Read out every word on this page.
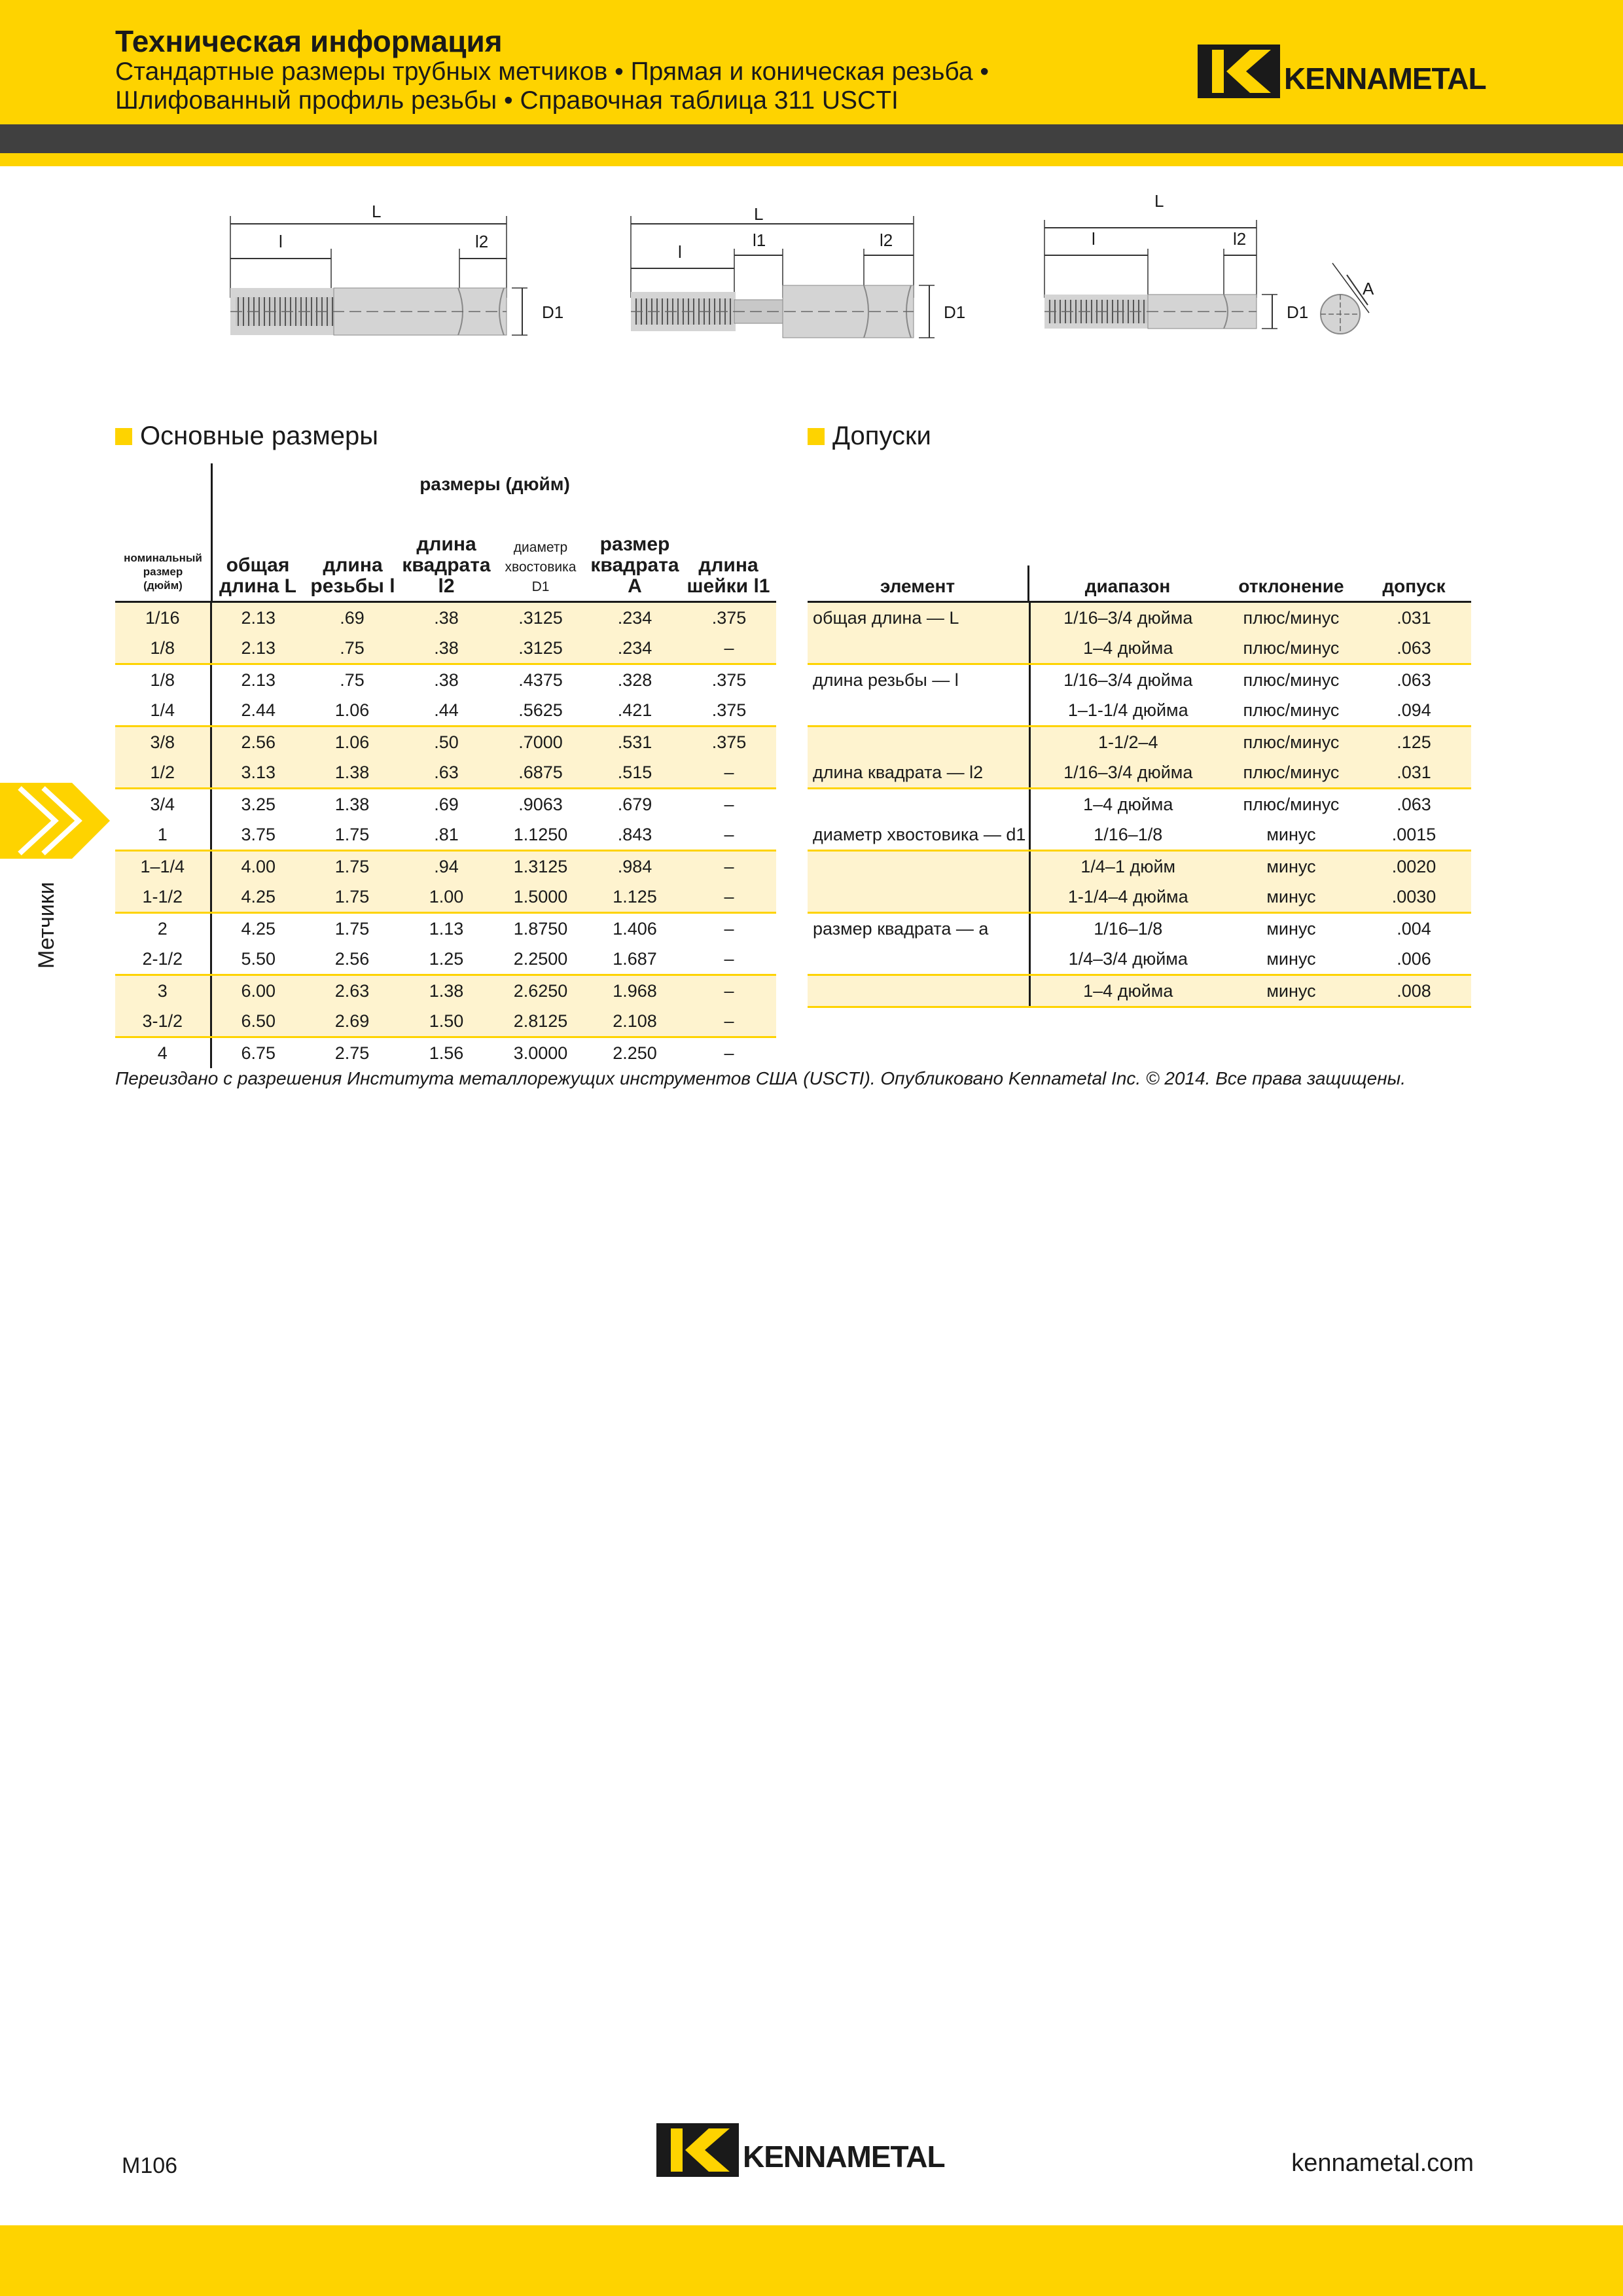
Техническая информация
Стандартные размеры трубных метчиков • Прямая и коническая резьба •
Шлифованный профиль резьбы • Справочная таблица 311 USCTI
KENNAMETAL
L
l	l2
D1
L
l
l1	l2
D1
L
l	l2
D1
A
Основные размеры	Допуски
размеры (дюйм)
номинальный
размер
(дюйм)
общая
длина L
длина
резьбы l
длина
квадрата
l2
диаметр
хвостовика
D1
размер
квадрата
A
длина
шейки l1
1/16	2.13	.69	.38	.3125	.234	.375
1/8	2.13	.75	.38	.3125	.234	–
1/8	2.13	.75	.38	.4375	.328	.375
1/4	2.44	1.06	.44	.5625	.421	.375
3/8	2.56	1.06	.50	.7000	.531	.375
1/2	3.13	1.38	.63	.6875	.515	–
3/4	3.25	1.38	.69	.9063	.679	–
1	3.75	1.75	.81	1.1250	.843	–
1–1/4	4.00	1.75	.94	1.3125	.984	–
1-1/2	4.25	1.75	1.00	1.5000	1.125	–
2	4.25	1.75	1.13	1.8750	1.406	–
2-1/2	5.50	2.56	1.25	2.2500	1.687	–
3	6.00	2.63	1.38	2.6250	1.968	–
3-1/2	6.50	2.69	1.50	2.8125	2.108	–
4	6.75	2.75	1.56	3.0000	2.250	–
элемент	диапазон	отклонение	допуск
общая длина — L	1/16–3/4 дюйма	плюс/минус	.031
	1–4 дюйма	плюс/минус	.063
длина резьбы — l	1/16–3/4 дюйма	плюс/минус	.063
	1–1-1/4 дюйма	плюс/минус	.094
	1-1/2–4	плюс/минус	.125
длина квадрата — l2	1/16–3/4 дюйма	плюс/минус	.031
	1–4 дюйма	плюс/минус	.063
диаметр хвостовика — d1	1/16–1/8	минус	.0015
	1/4–1 дюйм	минус	.0020
	1-1/4–4 дюйма	минус	.0030
размер квадрата — a	1/16–1/8	минус	.004
	1/4–3/4 дюйма	минус	.006
	1–4 дюйма	минус	.008
Переиздано с разрешения Института металлорежущих инструментов США (USCTI). Опубликовано Kennametal Inc. © 2014. Все права защищены.
Метчики
M106	KENNAMETAL	kennametal.com
